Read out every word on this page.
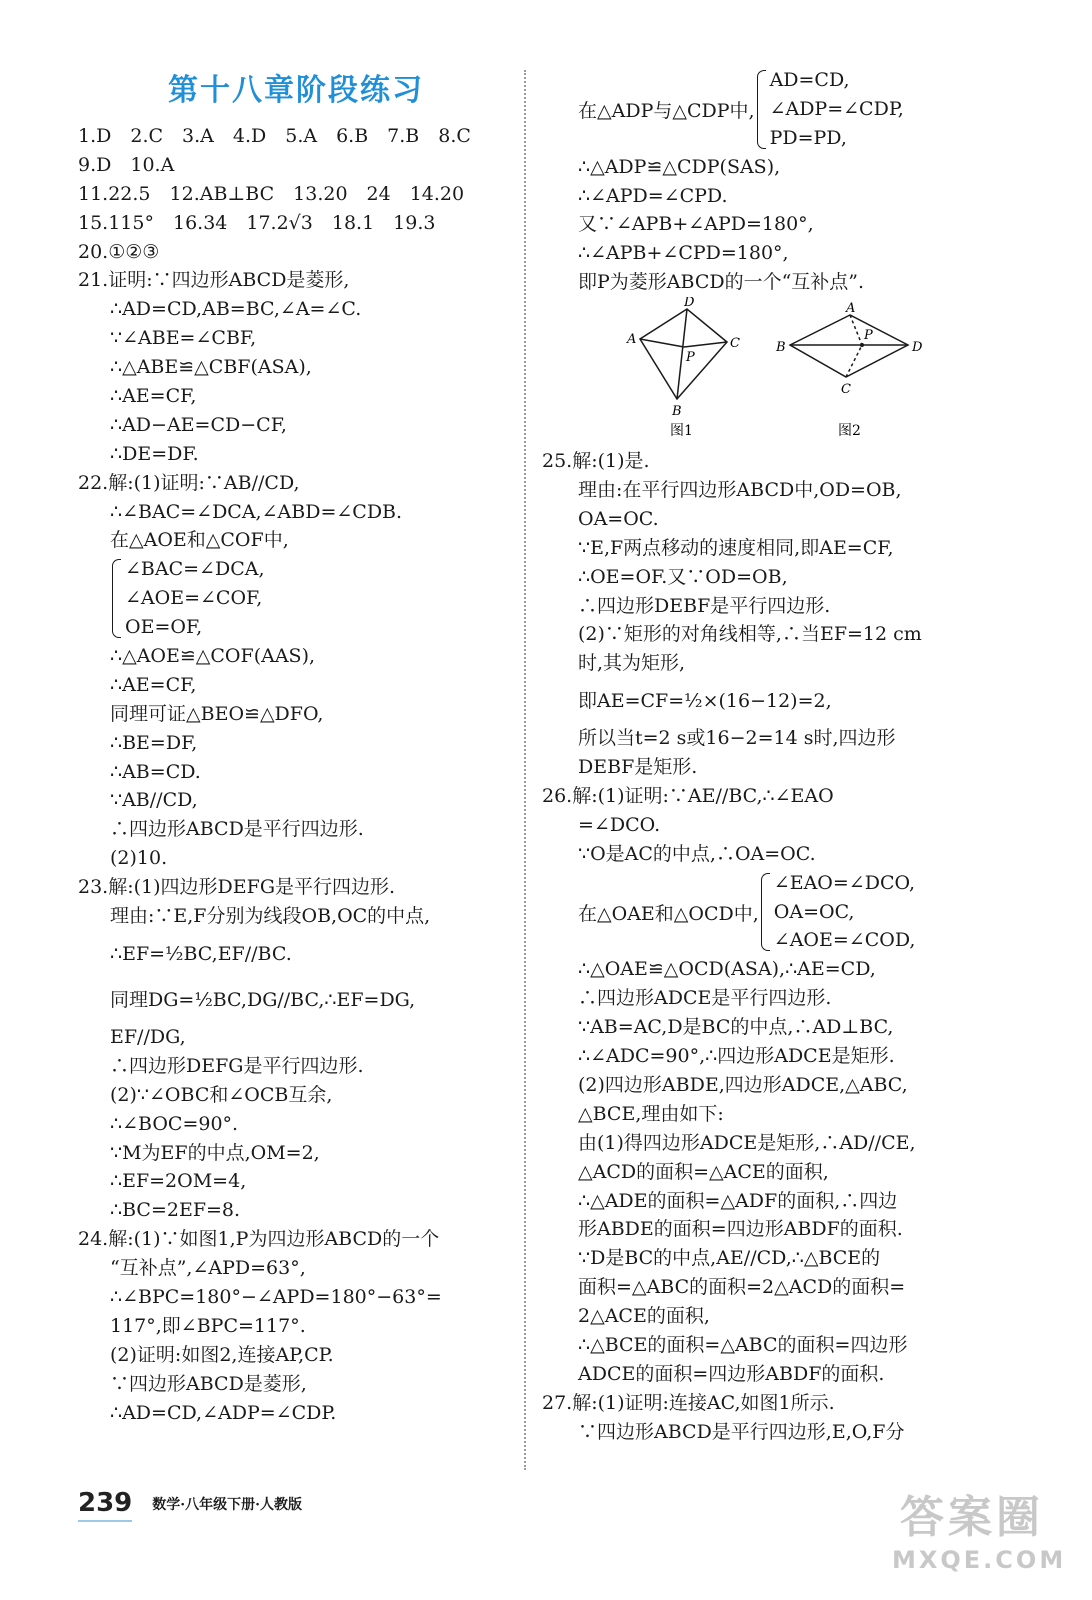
第十八章阶段练习
1.D　2.C　3.A　4.D　5.A　6.B　7.B　8.C
9.D　10.A
11.22.5　12.AB⊥BC　13.20　24　14.20
15.115°　16.34　17.2√3　18.1　19.3
20.①②③
21.证明:∵四边形ABCD是菱形,
∴AD=CD,AB=BC,∠A=∠C.
∵∠ABE=∠CBF,
∴△ABE≌△CBF(ASA),
∴AE=CF,
∴AD−AE=CD−CF,
∴DE=DF.
22.解:(1)证明:∵AB//CD,
∴∠BAC=∠DCA,∠ABD=∠CDB.
在△AOE和△COF中,
∠BAC=∠DCA,
∠AOE=∠COF,
OE=OF,
∴△AOE≌△COF(AAS),
∴AE=CF,
同理可证△BEO≌△DFO,
∴BE=DF,
∴AB=CD.
∵AB//CD,
∴四边形ABCD是平行四边形.
(2)10.
23.解:(1)四边形DEFG是平行四边形.
理由:∵E,F分别为线段OB,OC的中点,
∴EF=½BC,EF//BC.
同理DG=½BC,DG//BC,∴EF=DG,
EF//DG,
∴四边形DEFG是平行四边形.
(2)∵∠OBC和∠OCB互余,
∴∠BOC=90°.
∵M为EF的中点,OM=2,
∴EF=2OM=4,
∴BC=2EF=8.
24.解:(1)∵如图1,P为四边形ABCD的一个
“互补点”,∠APD=63°,
∴∠BPC=180°−∠APD=180°−63°=
117°,即∠BPC=117°.
(2)证明:如图2,连接AP,CP.
∵四边形ABCD是菱形,
∴AD=CD,∠ADP=∠CDP.
在△ADP与△CDP中,
AD=CD,
∠ADP=∠CDP,
PD=PD,
∴△ADP≌△CDP(SAS),
∴∠APD=∠CPD.
又∵∠APB+∠APD=180°,
∴∠APB+∠CPD=180°,
即P为菱形ABCD的一个“互补点”.
D
A	C
P
B
图1
A
P
B	D
C
图2
25.解:(1)是.
理由:在平行四边形ABCD中,OD=OB,
OA=OC.
∵E,F两点移动的速度相同,即AE=CF,
∴OE=OF.又∵OD=OB,
∴四边形DEBF是平行四边形.
(2)∵矩形的对角线相等,∴当EF=12 cm
时,其为矩形,
即AE=CF=½×(16−12)=2,
所以当t=2 s或16−2=14 s时,四边形
DEBF是矩形.
26.解:(1)证明:∵AE//BC,∴∠EAO
=∠DCO.
∵O是AC的中点,∴OA=OC.
在△OAE和△OCD中,
∠EAO=∠DCO,
OA=OC,
∠AOE=∠COD,
∴△OAE≌△OCD(ASA),∴AE=CD,
∴四边形ADCE是平行四边形.
∵AB=AC,D是BC的中点,∴AD⊥BC,
∴∠ADC=90°,∴四边形ADCE是矩形.
(2)四边形ABDE,四边形ADCE,△ABC,
△BCE,理由如下:
由(1)得四边形ADCE是矩形,∴AD//CE,
△ACD的面积=△ACE的面积,
∴△ADE的面积=△ADF的面积,∴四边
形ABDE的面积=四边形ABDF的面积.
∵D是BC的中点,AE//CD,∴△BCE的
面积=△ABC的面积=2△ACD的面积=
2△ACE的面积,
∴△BCE的面积=△ABC的面积=四边形
ADCE的面积=四边形ABDF的面积.
27.解:(1)证明:连接AC,如图1所示.
∵四边形ABCD是平行四边形,E,O,F分
239 数学·八年级下册·人教版	答案圈
MXQE.COM
